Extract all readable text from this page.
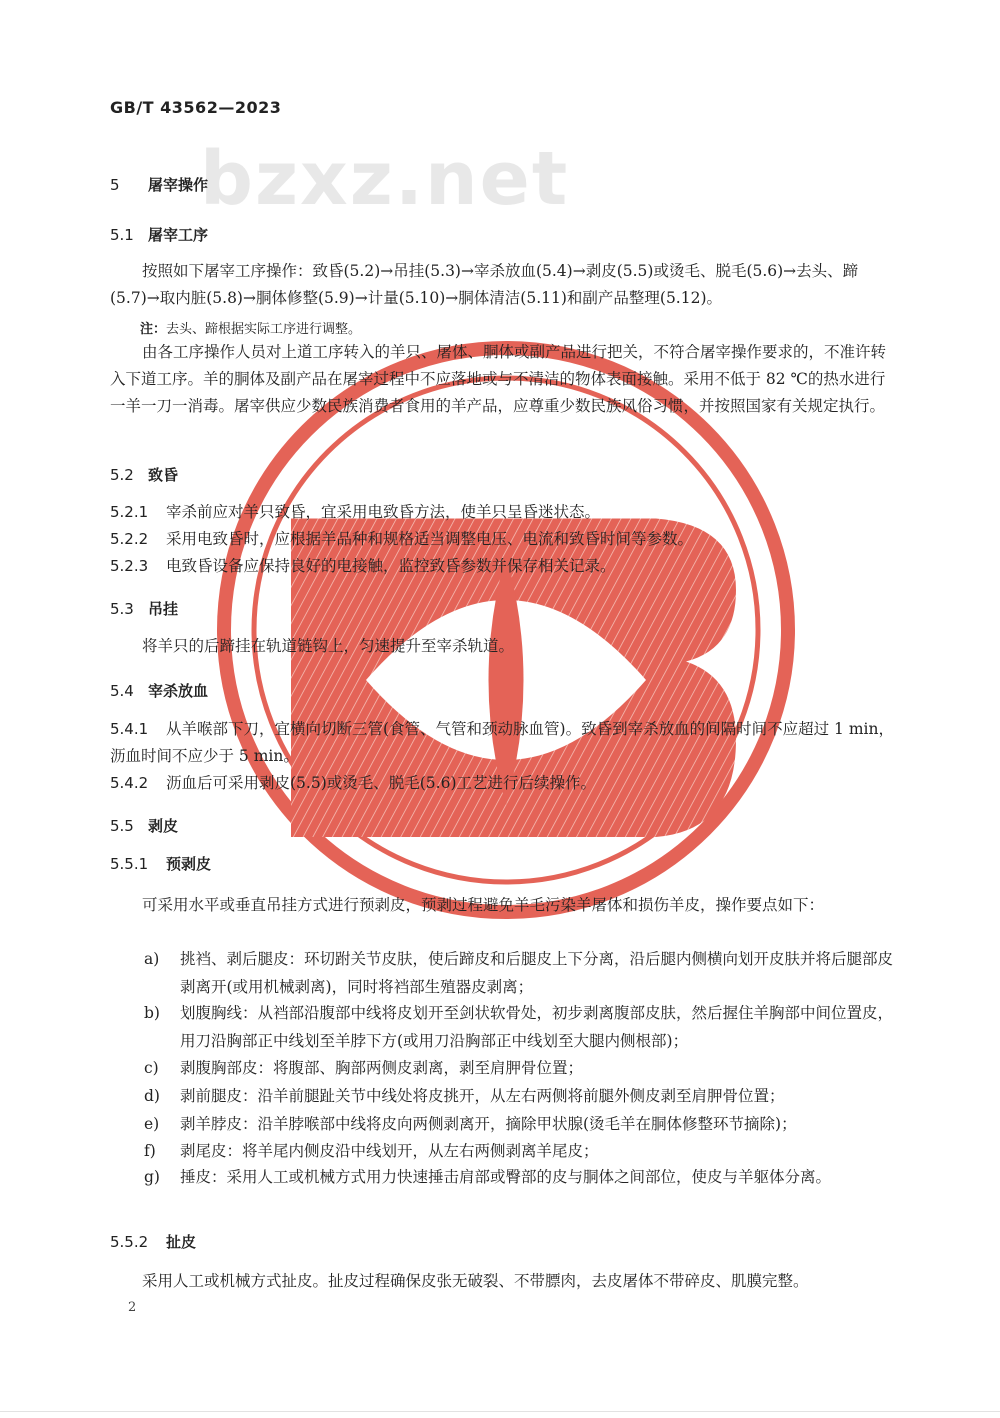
GB/T 43562—2023
bzxz.net
5 屠宰操作
5.1 屠宰工序
按照如下屠宰工序操作：致昏(5.2)→吊挂(5.3)→宰杀放血(5.4)→剥皮(5.5)或烫毛、脱毛(5.6)→去头、蹄(5.7)→取内脏(5.8)→胴体修整(5.9)→计量(5.10)→胴体清洁(5.11)和副产品整理(5.12)。
注：去头、蹄根据实际工序进行调整。
由各工序操作人员对上道工序转入的羊只、屠体、胴体或副产品进行把关，不符合屠宰操作要求的，不准许转入下道工序。羊的胴体及副产品在屠宰过程中不应落地或与不清洁的物体表面接触。采用不低于 82 ℃的热水进行一羊一刀一消毒。屠宰供应少数民族消费者食用的羊产品，应尊重少数民族风俗习惯，并按照国家有关规定执行。
5.2 致昏
5.2.1 宰杀前应对羊只致昏，宜采用电致昏方法，使羊只呈昏迷状态。
5.2.2 采用电致昏时，应根据羊品种和规格适当调整电压、电流和致昏时间等参数。
5.2.3 电致昏设备应保持良好的电接触，监控致昏参数并保存相关记录。
5.3 吊挂
将羊只的后蹄挂在轨道链钩上，匀速提升至宰杀轨道。
5.4 宰杀放血
5.4.1 从羊喉部下刀，宜横向切断三管(食管、气管和颈动脉血管)。致昏到宰杀放血的间隔时间不应超过 1 min，沥血时间不应少于 5 min。
5.4.2 沥血后可采用剥皮(5.5)或烫毛、脱毛(5.6)工艺进行后续操作。
5.5 剥皮
5.5.1 预剥皮
可采用水平或垂直吊挂方式进行预剥皮，预剥过程避免羊毛污染羊屠体和损伤羊皮，操作要点如下：
a) 挑裆、剥后腿皮：环切跗关节皮肤，使后蹄皮和后腿皮上下分离，沿后腿内侧横向划开皮肤并将后腿部皮剥离开(或用机械剥离)，同时将裆部生殖器皮剥离；
b) 划腹胸线：从裆部沿腹部中线将皮划开至剑状软骨处，初步剥离腹部皮肤，然后握住羊胸部中间位置皮，用刀沿胸部正中线划至羊脖下方(或用刀沿胸部正中线划至大腿内侧根部)；
c) 剥腹胸部皮：将腹部、胸部两侧皮剥离，剥至肩胛骨位置；
d) 剥前腿皮：沿羊前腿趾关节中线处将皮挑开，从左右两侧将前腿外侧皮剥至肩胛骨位置；
e) 剥羊脖皮：沿羊脖喉部中线将皮向两侧剥离开，摘除甲状腺(烫毛羊在胴体修整环节摘除)；
f) 剥尾皮：将羊尾内侧皮沿中线划开，从左右两侧剥离羊尾皮；
g) 捶皮：采用人工或机械方式用力快速捶击肩部或臀部的皮与胴体之间部位，使皮与羊躯体分离。
5.5.2 扯皮
采用人工或机械方式扯皮。扯皮过程确保皮张无破裂、不带膘肉，去皮屠体不带碎皮、肌膜完整。
2
